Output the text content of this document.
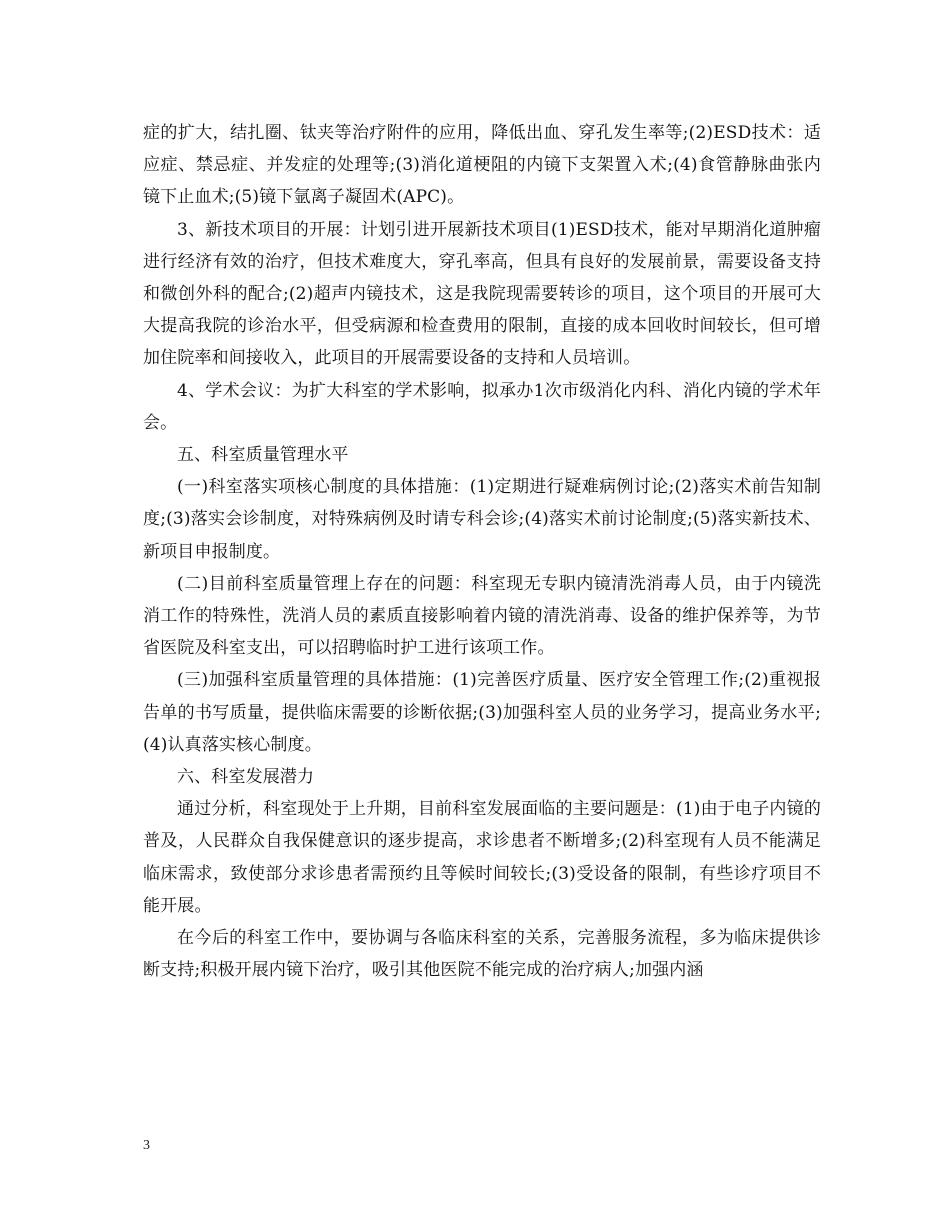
症的扩大，结扎圈、钛夹等治疗附件的应用，降低出血、穿孔发生率等;(2)ESD技术：适应症、禁忌症、并发症的处理等;(3)消化道梗阻的内镜下支架置入术;(4)食管静脉曲张内镜下止血术;(5)镜下氩离子凝固术(APC)。

3、新技术项目的开展：计划引进开展新技术项目(1)ESD技术，能对早期消化道肿瘤进行经济有效的治疗，但技术难度大，穿孔率高，但具有良好的发展前景，需要设备支持和微创外科的配合;(2)超声内镜技术，这是我院现需要转诊的项目，这个项目的开展可大大提高我院的诊治水平，但受病源和检查费用的限制，直接的成本回收时间较长，但可增加住院率和间接收入，此项目的开展需要设备的支持和人员培训。

4、学术会议：为扩大科室的学术影响，拟承办1次市级消化内科、消化内镜的学术年会。

五、科室质量管理水平

(一)科室落实项核心制度的具体措施：(1)定期进行疑难病例讨论;(2)落实术前告知制度;(3)落实会诊制度，对特殊病例及时请专科会诊;(4)落实术前讨论制度;(5)落实新技术、新项目申报制度。

(二)目前科室质量管理上存在的问题：科室现无专职内镜清洗消毒人员，由于内镜洗消工作的特殊性，洗消人员的素质直接影响着内镜的清洗消毒、设备的维护保养等，为节省医院及科室支出，可以招聘临时护工进行该项工作。

(三)加强科室质量管理的具体措施：(1)完善医疗质量、医疗安全管理工作;(2)重视报告单的书写质量，提供临床需要的诊断依据;(3)加强科室人员的业务学习，提高业务水平;(4)认真落实核心制度。

六、科室发展潜力

通过分析，科室现处于上升期，目前科室发展面临的主要问题是：(1)由于电子内镜的普及，人民群众自我保健意识的逐步提高，求诊患者不断增多;(2)科室现有人员不能满足临床需求，致使部分求诊患者需预约且等候时间较长;(3)受设备的限制，有些诊疗项目不能开展。

在今后的科室工作中，要协调与各临床科室的关系，完善服务流程，多为临床提供诊断支持;积极开展内镜下治疗，吸引其他医院不能完成的治疗病人;加强内涵

3
